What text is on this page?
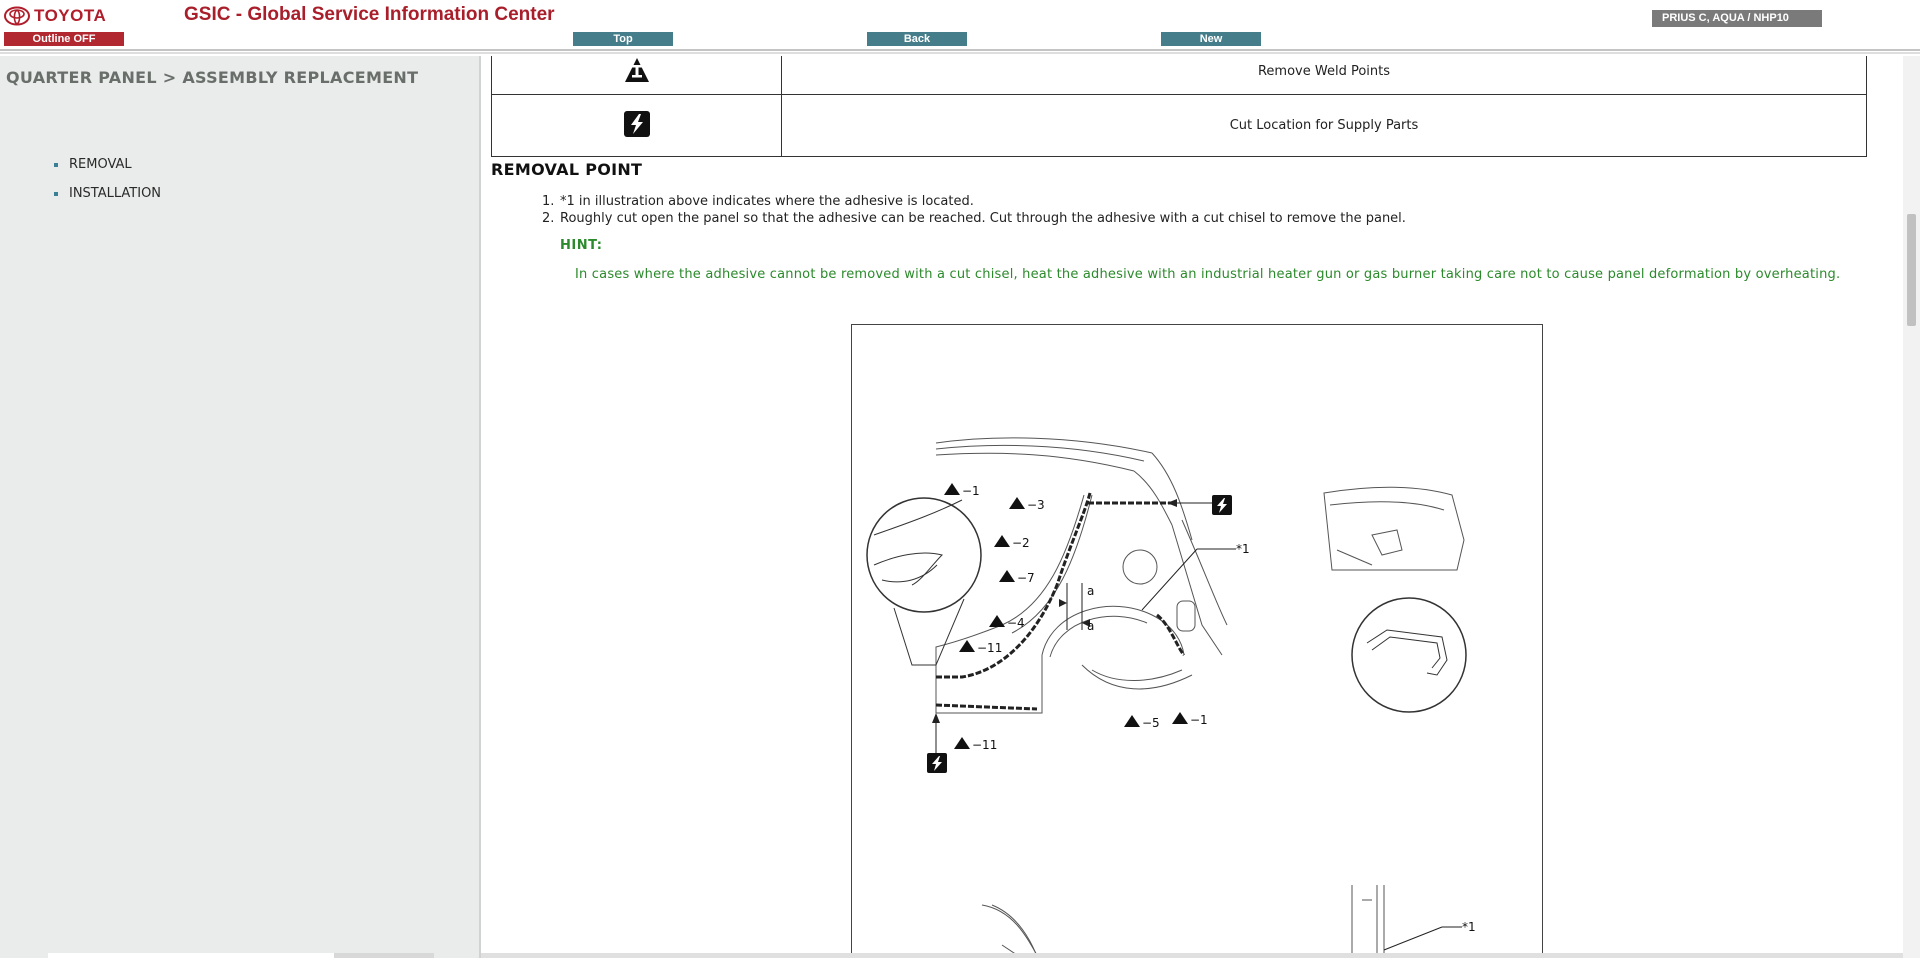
TOYOTA	GSIC - Global Service Information Center
Outline OFF	Top	Back	New
PRIUS C, AQUA / NHP10
QUARTER PANEL > ASSEMBLY REPLACEMENT
REMOVAL
INSTALLATION
	Remove Weld Points
	Cut Location for Supply Parts
REMOVAL POINT
1. *1 in illustration above indicates where the adhesive is located.
2. Roughly cut open the panel so that the adhesive can be reached. Cut through the adhesive with a cut chisel to remove the panel.
HINT:
In cases where the adhesive cannot be removed with a cut chisel, heat the adhesive with an industrial heater gun or gas burner taking care not to cause panel deformation by overheating.
−1
−3
−2
−7
−4
−11
−11
−5	−1
a
a
*1
*1
